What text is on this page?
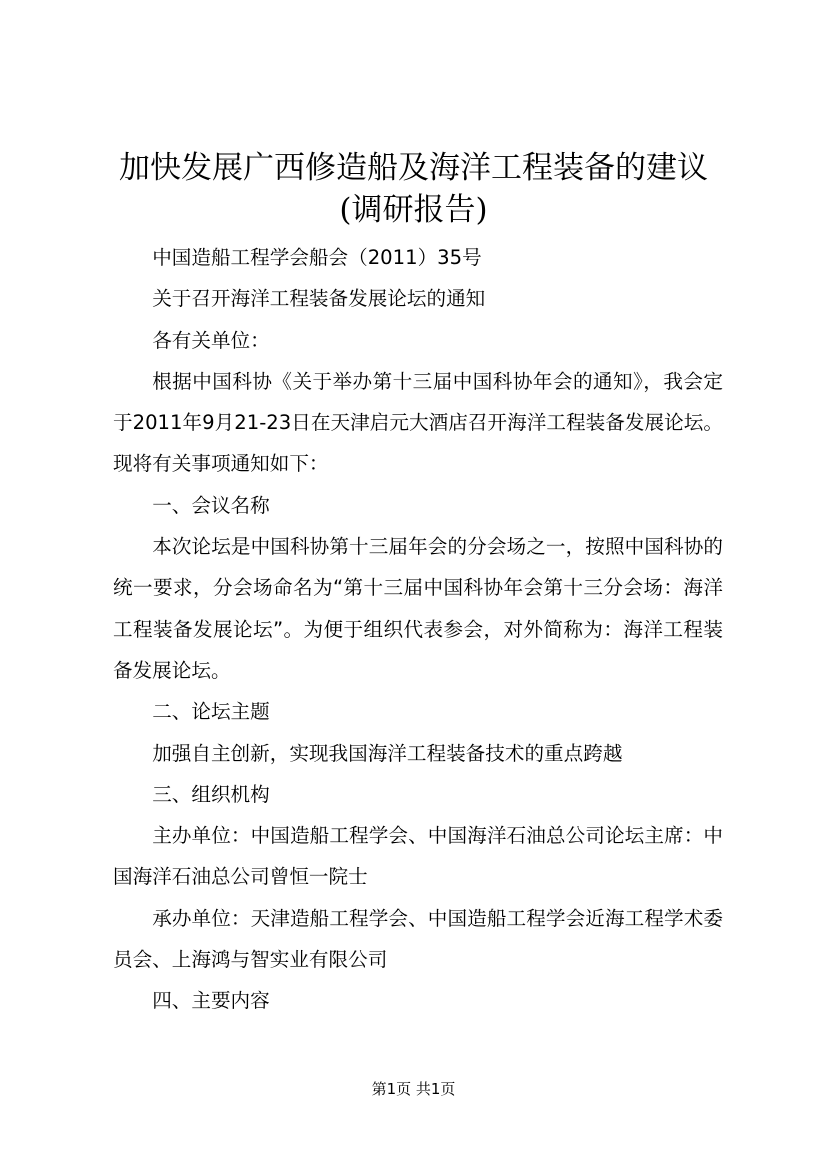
加快发展广西修造船及海洋工程装备的建议
(调研报告)

中国造船工程学会船会（2011）35号

关于召开海洋工程装备发展论坛的通知

各有关单位：

根据中国科协《关于举办第十三届中国科协年会的通知》，我会定于2011年9月21-23日在天津启元大酒店召开海洋工程装备发展论坛。现将有关事项通知如下：

一、会议名称

本次论坛是中国科协第十三届年会的分会场之一，按照中国科协的统一要求，分会场命名为“第十三届中国科协年会第十三分会场：海洋工程装备发展论坛”。为便于组织代表参会，对外简称为：海洋工程装备发展论坛。

二、论坛主题

加强自主创新，实现我国海洋工程装备技术的重点跨越

三、组织机构

主办单位：中国造船工程学会、中国海洋石油总公司论坛主席：中国海洋石油总公司曾恒一院士

承办单位：天津造船工程学会、中国造船工程学会近海工程学术委员会、上海鸿与智实业有限公司

四、主要内容

第1页 共1页
